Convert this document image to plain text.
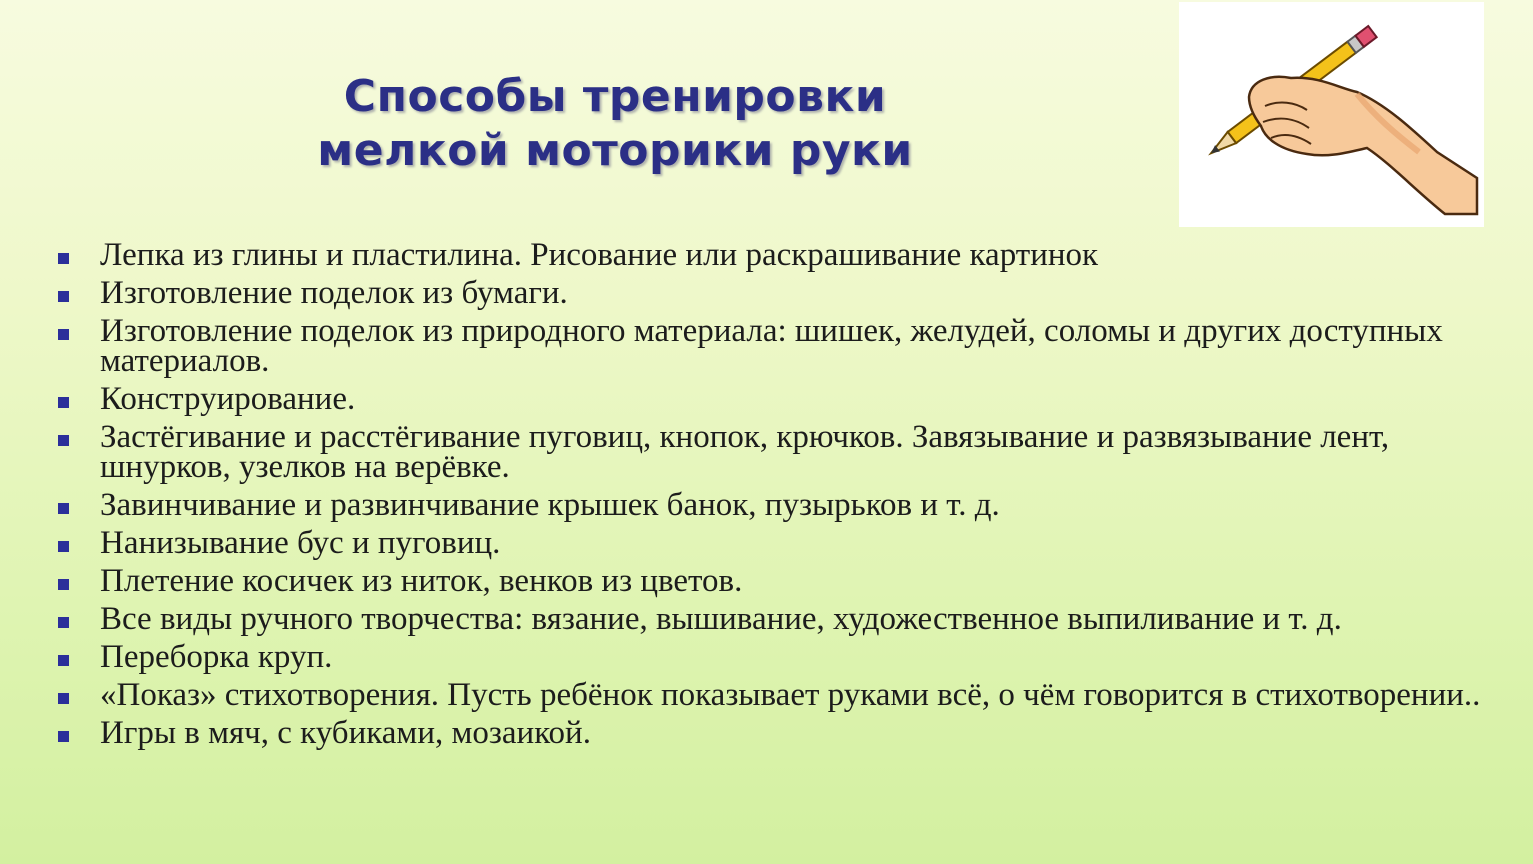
Способы тренировки
мелкой моторики руки
Лепка из глины и пластилина. Рисование или раскрашивание картинок
Изготовление поделок из бумаги.
Изготовление поделок из природного материала: шишек, желудей, соломы и других доступных материалов.
Конструирование.
Застёгивание и расстёгивание пуговиц, кнопок, крючков. Завязывание и развязывание лент, шнурков, узелков на верёвке.
Завинчивание и развинчивание крышек банок, пузырьков и т. д.
Нанизывание бус и пуговиц.
Плетение косичек из ниток, венков из цветов.
Все виды ручного творчества: вязание, вышивание, художественное выпиливание и т. д.
Переборка круп.
«Показ» стихотворения. Пусть ребёнок показывает руками всё, о чём говорится в стихотворении..
Игры в мяч, с кубиками, мозаикой.
